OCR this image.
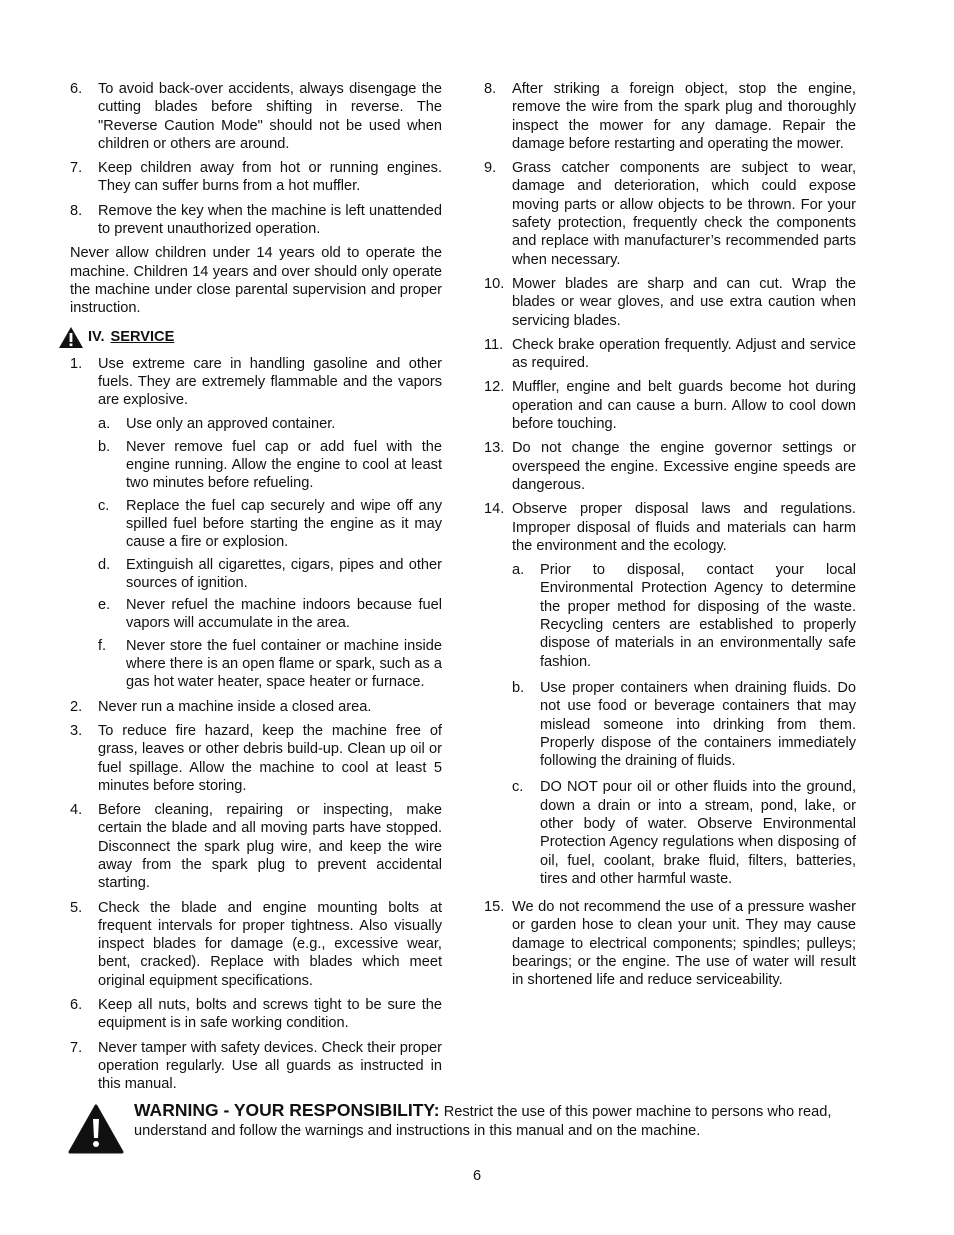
6.	To avoid back-over accidents, always disengage the cutting blades before shifting in reverse. The "Reverse Caution Mode" should not be used when children or others are around.
7.	Keep children away from hot or running engines. They can suffer burns from a hot muffler.
8.	Remove the key when the machine is left unattended to prevent unauthorized operation.

Never allow children under 14 years old to operate the machine. Children 14 years and over should only operate the machine under close parental supervision and proper instruction.

IV. SERVICE
1.	Use extreme care in handling gasoline and other fuels. They are extremely flammable and the vapors are explosive.
a.	Use only an approved container.
b.	Never remove fuel cap or add fuel with the engine running. Allow the engine to cool at least two minutes before refueling.
c.	Replace the fuel cap securely and wipe off any spilled fuel before starting the engine as it may cause a fire or explosion.
d.	Extinguish all cigarettes, cigars, pipes and other sources of ignition.
e.	Never refuel the machine indoors because fuel vapors will accumulate in the area.
f.	Never store the fuel container or machine inside where there is an open flame or spark, such as a gas hot water heater, space heater or furnace.
2.	Never run a machine inside a closed area.
3.	To reduce fire hazard, keep the machine free of grass, leaves or other debris build-up. Clean up oil or fuel spillage. Allow the machine to cool at least 5 minutes before storing.
4.	Before cleaning, repairing or inspecting, make certain the blade and all moving parts have stopped. Disconnect the spark plug wire, and keep the wire away from the spark plug to prevent accidental starting.
5.	Check the blade and engine mounting bolts at frequent intervals for proper tightness. Also visually inspect blades for damage (e.g., excessive wear, bent, cracked). Replace with blades which meet original equipment specifications.
6.	Keep all nuts, bolts and screws tight to be sure the equipment is in safe working condition.
7.	Never tamper with safety devices. Check their proper operation regularly. Use all guards as instructed in this manual.
8.	After striking a foreign object, stop the engine, remove the wire from the spark plug and thoroughly inspect the mower for any damage. Repair the damage before restarting and operating the mower.
9.	Grass catcher components are subject to wear, damage and deterioration, which could expose moving parts or allow objects to be thrown. For your safety protection, frequently check the components and replace with manufacturer’s recommended parts when necessary.
10. Mower blades are sharp and can cut. Wrap the blades or wear gloves, and use extra caution when servicing blades.
11. Check brake operation frequently. Adjust and service as required.
12. Muffler, engine and belt guards become hot during operation and can cause a burn. Allow to cool down before touching.
13. Do not change the engine governor settings or overspeed the engine. Excessive engine speeds are dangerous.
14. Observe proper disposal laws and regulations. Improper disposal of fluids and materials can harm the environment and the ecology.
a.	Prior to disposal, contact your local Environmental Protection Agency to determine the proper method for disposing of the waste. Recycling centers are established to properly dispose of materials in an environmentally safe fashion.
b.	Use proper containers when draining fluids. Do not use food or beverage containers that may mislead someone into drinking from them. Properly dispose of the containers immediately following the draining of fluids.
c.	DO NOT pour oil or other fluids into the ground, down a drain or into a stream, pond, lake, or other body of water. Observe Environmental Protection Agency regulations when disposing of oil, fuel, coolant, brake fluid, filters, batteries, tires and other harmful waste.
15. We do not recommend the use of a pressure washer or garden hose to clean your unit. They may cause damage to electrical components; spindles; pulleys; bearings; or the engine. The use of water will result in shortened life and reduce serviceability.
WARNING - YOUR RESPONSIBILITY: Restrict the use of this power machine to persons who read, understand and follow the warnings and instructions in this manual and on the machine.
6
